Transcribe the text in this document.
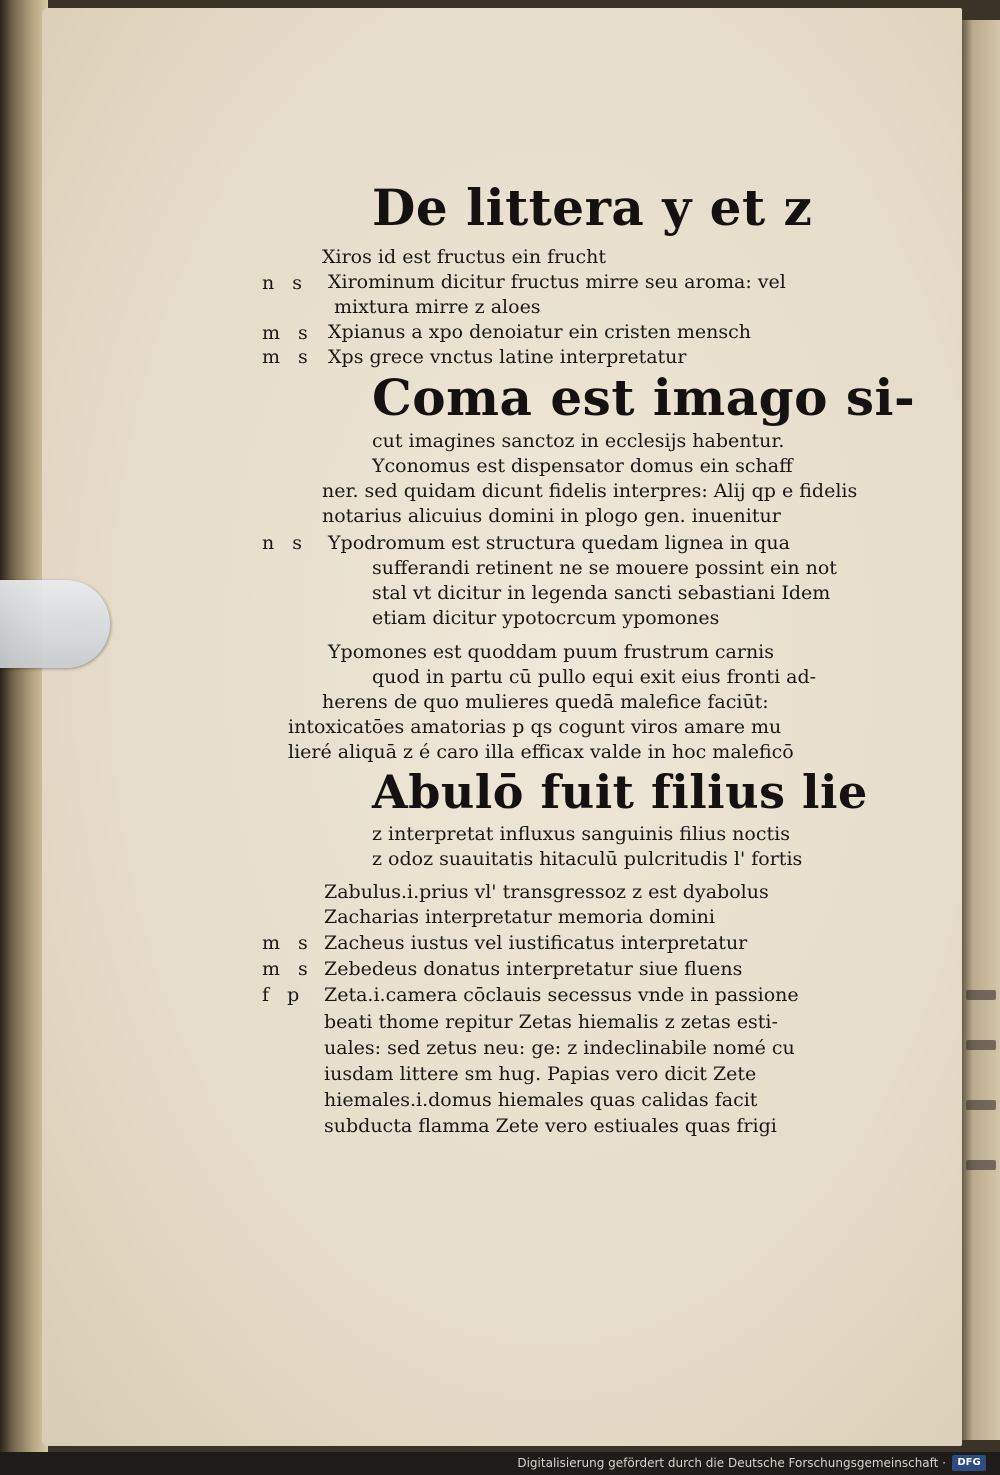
De littera y et z
Coma est imago si-
Abulō fuit filius lie
n s
m s
m s
n s
m s
m s
f p
Xiros id est fructus ein frucht
Xirominum dicitur fructus mirre seu aroma: vel
mixtura mirre z aloes
Xpianus a xpo denoiatur ein cristen mensch
Xps grece vnctus latine interpretatur
cut imagines sanctoz in ecclesijs habentur.
Yconomus est dispensator domus ein schaff
ner. sed quidam dicunt fidelis interpres: Alij qp e fidelis
notarius alicuius domini in plogo gen. inuenitur
Ypodromum est structura quedam lignea in qua
sufferandi retinent ne se mouere possint ein not
stal vt dicitur in legenda sancti sebastiani Idem
etiam dicitur ypotocrcum ypomones
Ypomones est quoddam puum frustrum carnis
quod in partu cū pullo equi exit eius fronti ad-
herens de quo mulieres quedā malefice faciūt:
intoxicatōes amatorias p qs cogunt viros amare mu
lieré aliquā z é caro illa efficax valde in hoc maleficō
z interpretat influxus sanguinis filius noctis
z odoz suauitatis hitaculū pulcritudis l' fortis
Zabulus.i.prius vl' transgressoz z est dyabolus
Zacharias interpretatur memoria domini
Zacheus iustus vel iustificatus interpretatur
Zebedeus donatus interpretatur siue fluens
Zeta.i.camera cōclauis secessus vnde in passione
beati thome repitur Zetas hiemalis z zetas esti-
uales: sed zetus neu: ge: z indeclinabile nomé cu
iusdam littere sm hug. Papias vero dicit Zete
hiemales.i.domus hiemales quas calidas facit
subducta flamma Zete vero estiuales quas frigi
Digitalisierung gefördert durch die Deutsche Forschungsgemeinschaft ·	DFG
